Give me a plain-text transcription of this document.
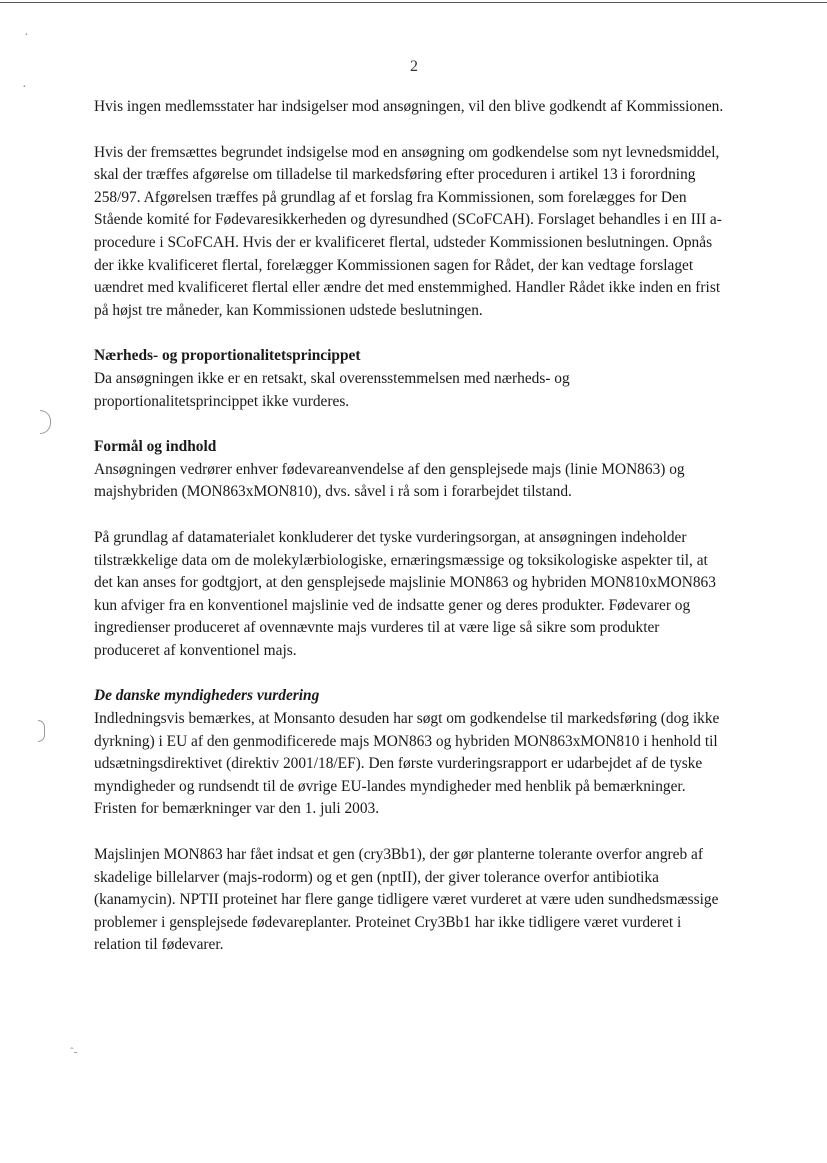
·
·
ˆ-
2

Hvis ingen medlemsstater har indsigelser mod ansøgningen, vil den blive godkendt af Kommissionen.

Hvis der fremsættes begrundet indsigelse mod en ansøgning om godkendelse som nyt levnedsmiddel, skal der træffes afgørelse om tilladelse til markedsføring efter proceduren i artikel 13 i forordning 258/97. Afgørelsen træffes på grundlag af et forslag fra Kommissionen, som forelægges for Den Stående komité for Fødevaresikkerheden og dyresundhed (SCoFCAH). Forslaget behandles i en III a-procedure i SCoFCAH. Hvis der er kvalificeret flertal, udsteder Kommissionen beslutningen. Opnås der ikke kvalificeret flertal, forelægger Kommissionen sagen for Rådet, der kan vedtage forslaget uændret med kvalificeret flertal eller ændre det med enstemmighed. Handler Rådet ikke inden en frist på højst tre måneder, kan Kommissionen udstede beslutningen.

Nærheds- og proportionalitetsprincippet
Da ansøgningen ikke er en retsakt, skal overensstemmelsen med nærheds- og proportionalitetsprincippet ikke vurderes.
Formål og indhold
Ansøgningen vedrører enhver fødevareanvendelse af den gensplejsede majs (linie MON863) og majshybriden (MON863xMON810), dvs. såvel i rå som i forarbejdet tilstand.

På grundlag af datamaterialet konkluderer det tyske vurderingsorgan, at ansøgningen indeholder tilstrækkelige data om de molekylærbiologiske, ernæringsmæssige og toksikologiske aspekter til, at det kan anses for godtgjort, at den gensplejsede majslinie MON863 og hybriden MON810xMON863 kun afviger fra en konventionel majslinie ved de indsatte gener og deres produkter. Fødevarer og ingredienser produceret af ovennævnte majs vurderes til at være lige så sikre som produkter produceret af konventionel majs.

De danske myndigheders vurdering
Indledningsvis bemærkes, at Monsanto desuden har søgt om godkendelse til markedsføring (dog ikke dyrkning) i EU af den genmodificerede majs MON863 og hybriden MON863xMON810 i henhold til udsætningsdirektivet (direktiv 2001/18/EF). Den første vurderingsrapport er udarbejdet af de tyske myndigheder og rundsendt til de øvrige EU-landes myndigheder med henblik på bemærkninger. Fristen for bemærkninger var den 1. juli 2003.

Majslinjen MON863 har fået indsat et gen (cry3Bb1), der gør planterne tolerante overfor angreb af skadelige billelarver (majs-rodorm) og et gen (nptII), der giver tolerance overfor antibiotika (kanamycin). NPTII proteinet har flere gange tidligere været vurderet at være uden sundhedsmæssige problemer i gensplejsede fødevareplanter. Proteinet Cry3Bb1 har ikke tidligere været vurderet i relation til fødevarer.
